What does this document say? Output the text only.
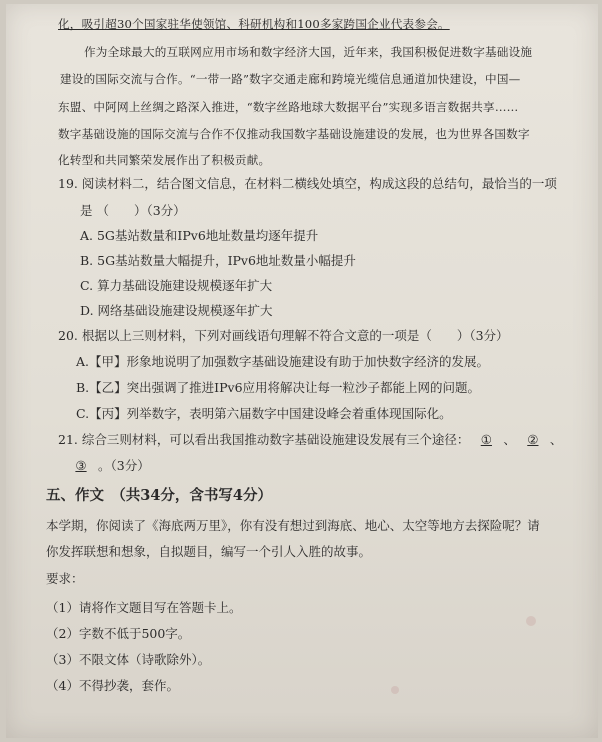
化，吸引超30个国家驻华使领馆、科研机构和100多家跨国企业代表参会。
作为全球最大的互联网应用市场和数字经济大国，近年来，我国积极促进数字基础设施
建设的国际交流与合作。“一带一路”数字交通走廊和跨境光缆信息通道加快建设，中国—
东盟、中阿网上丝绸之路深入推进，“数字丝路地球大数据平台”实现多语言数据共享……
数字基础设施的国际交流与合作不仅推动我国数字基础设施建设的发展，也为世界各国数字
化转型和共同繁荣发展作出了积极贡献。
19. 阅读材料二，结合图文信息，在材料二横线处填空，构成这段的总结句，最恰当的一项
是 （　　）（3分）
A. 5G基站数量和IPv6地址数量均逐年提升
B. 5G基站数量大幅提升，IPv6地址数量小幅提升
C. 算力基础设施建设规模逐年扩大
D. 网络基础设施建设规模逐年扩大
20. 根据以上三则材料，下列对画线语句理解不符合文意的一项是（　　）（3分）
A.【甲】形象地说明了加强数字基础设施建设有助于加快数字经济的发展。
B.【乙】突出强调了推进IPv6应用将解决让每一粒沙子都能上网的问题。
C.【丙】列举数字，表明第六届数字中国建设峰会着重体现国际化。
21. 综合三则材料，可以看出我国推动数字基础设施建设发展有三个途径： ① 、 ② 、
③ 。（3分）
五、作文　（共34分，含书写4分）
本学期，你阅读了《海底两万里》，你有没有想过到海底、地心、太空等地方去探险呢？请
你发挥联想和想象，自拟题目，编写一个引人入胜的故事。
要求：
（1）请将作文题目写在答题卡上。
（2）字数不低于500字。
（3）不限文体（诗歌除外）。
（4）不得抄袭，套作。
